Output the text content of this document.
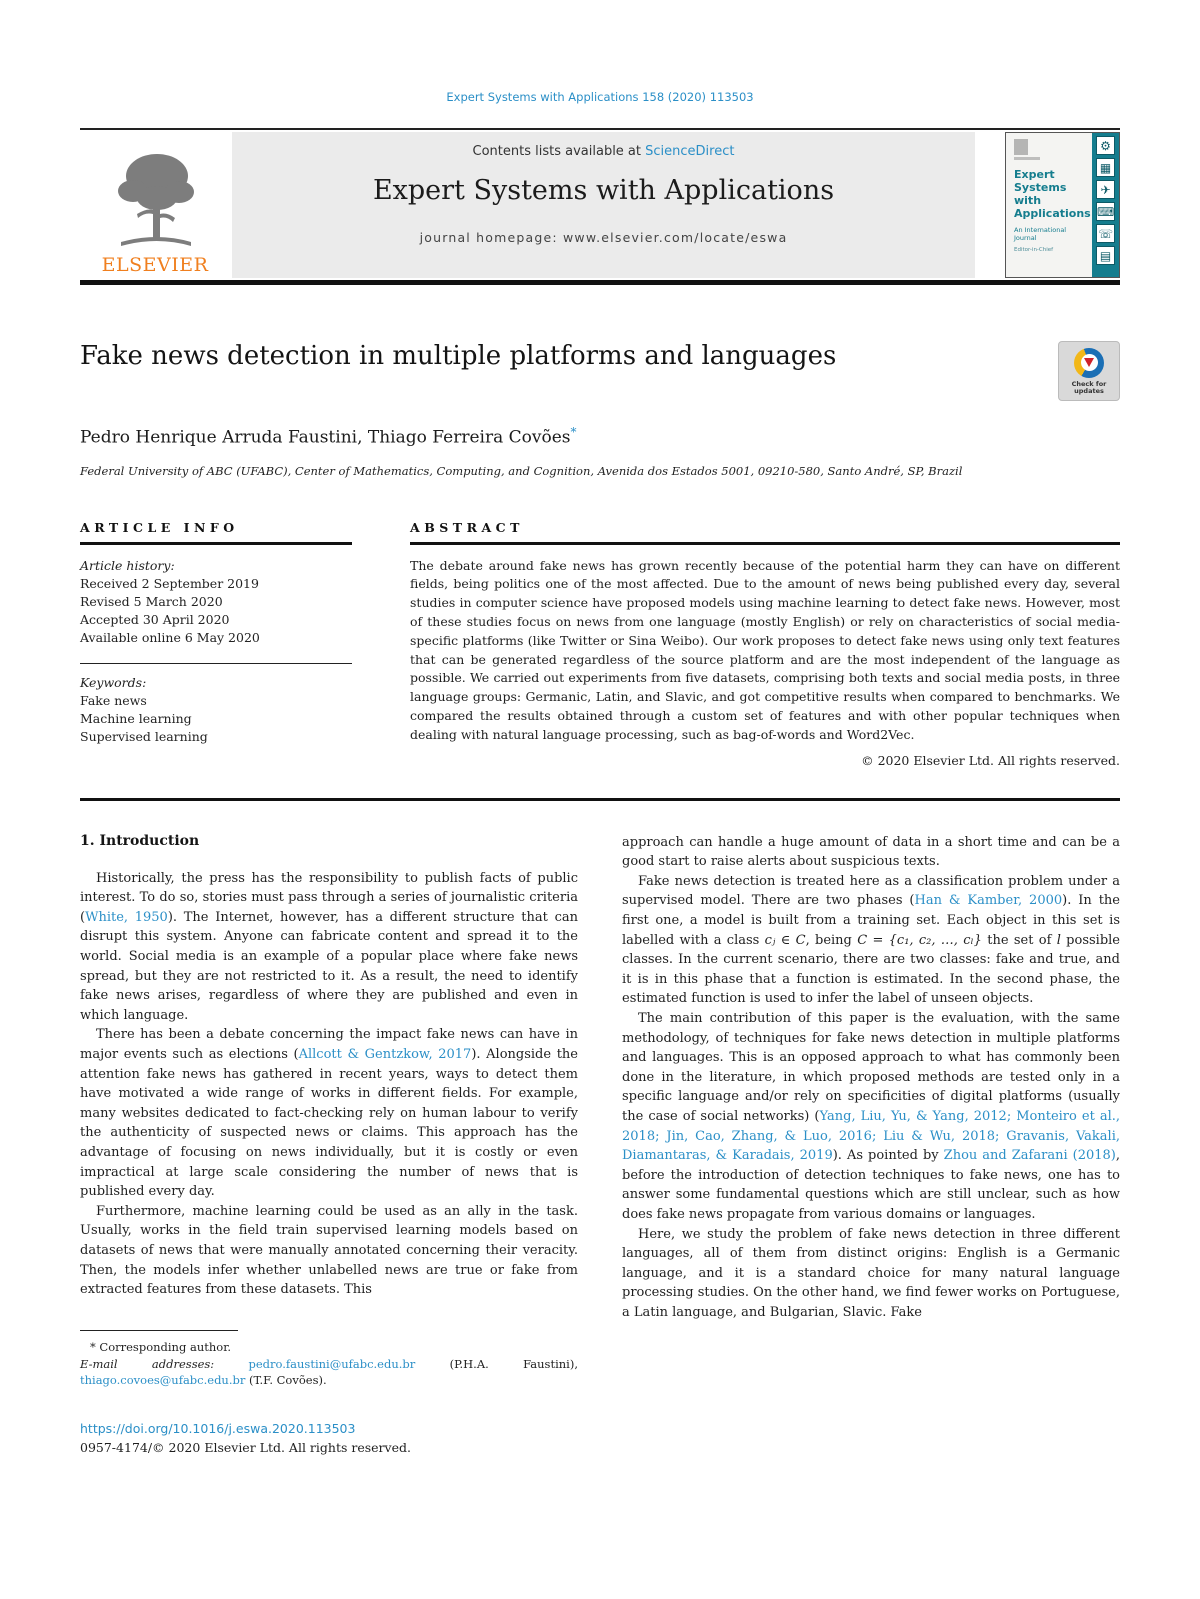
Expert Systems with Applications 158 (2020) 113503
ELSEVIER
Contents lists available at ScienceDirect
Expert Systems with Applications
journal homepage: www.elsevier.com/locate/eswa
Expert Systems with Applications
An International Journal
Editor-in-Chief
⚙
▦
✈
⌨
☏
▤
Fake news detection in multiple platforms and languages
Check for updates
Pedro Henrique Arruda Faustini, Thiago Ferreira Covões*
Federal University of ABC (UFABC), Center of Mathematics, Computing, and Cognition, Avenida dos Estados 5001, 09210-580, Santo André, SP, Brazil
ARTICLE INFO
Article history:
Received 2 September 2019
Revised 5 March 2020
Accepted 30 April 2020
Available online 6 May 2020
Keywords:
Fake news
Machine learning
Supervised learning
ABSTRACT
The debate around fake news has grown recently because of the potential harm they can have on different fields, being politics one of the most affected. Due to the amount of news being published every day, several studies in computer science have proposed models using machine learning to detect fake news. However, most of these studies focus on news from one language (mostly English) or rely on characteristics of social media-specific platforms (like Twitter or Sina Weibo). Our work proposes to detect fake news using only text features that can be generated regardless of the source platform and are the most independent of the language as possible. We carried out experiments from five datasets, comprising both texts and social media posts, in three language groups: Germanic, Latin, and Slavic, and got competitive results when compared to benchmarks. We compared the results obtained through a custom set of features and with other popular techniques when dealing with natural language processing, such as bag-of-words and Word2Vec.
© 2020 Elsevier Ltd. All rights reserved.
1. Introduction

Historically, the press has the responsibility to publish facts of public interest. To do so, stories must pass through a series of journalistic criteria (White, 1950). The Internet, however, has a different structure that can disrupt this system. Anyone can fabricate content and spread it to the world. Social media is an example of a popular place where fake news spread, but they are not restricted to it. As a result, the need to identify fake news arises, regardless of where they are published and even in which language.

There has been a debate concerning the impact fake news can have in major events such as elections (Allcott & Gentzkow, 2017). Alongside the attention fake news has gathered in recent years, ways to detect them have motivated a wide range of works in different fields. For example, many websites dedicated to fact-checking rely on human labour to verify the authenticity of suspected news or claims. This approach has the advantage of focusing on news individually, but it is costly or even impractical at large scale considering the number of news that is published every day.

Furthermore, machine learning could be used as an ally in the task. Usually, works in the field train supervised learning models based on datasets of news that were manually annotated concerning their veracity. Then, the models infer whether unlabelled news are true or fake from extracted features from these datasets. This

* Corresponding author.
E-mail addresses: pedro.faustini@ufabc.edu.br (P.H.A. Faustini), thiago.covoes@ufabc.edu.br (T.F. Covões).
https://doi.org/10.1016/j.eswa.2020.113503
0957-4174/© 2020 Elsevier Ltd. All rights reserved.

approach can handle a huge amount of data in a short time and can be a good start to raise alerts about suspicious texts.

Fake news detection is treated here as a classification problem under a supervised model. There are two phases (Han & Kamber, 2000). In the first one, a model is built from a training set. Each object in this set is labelled with a class cⱼ ∈ C, being C = {c₁, c₂, …, cₗ} the set of l possible classes. In the current scenario, there are two classes: fake and true, and it is in this phase that a function is estimated. In the second phase, the estimated function is used to infer the label of unseen objects.

The main contribution of this paper is the evaluation, with the same methodology, of techniques for fake news detection in multiple platforms and languages. This is an opposed approach to what has commonly been done in the literature, in which proposed methods are tested only in a specific language and/or rely on specificities of digital platforms (usually the case of social networks) (Yang, Liu, Yu, & Yang, 2012; Monteiro et al., 2018; Jin, Cao, Zhang, & Luo, 2016; Liu & Wu, 2018; Gravanis, Vakali, Diamantaras, & Karadais, 2019). As pointed by Zhou and Zafarani (2018), before the introduction of detection techniques to fake news, one has to answer some fundamental questions which are still unclear, such as how does fake news propagate from various domains or languages.

Here, we study the problem of fake news detection in three different languages, all of them from distinct origins: English is a Germanic language, and it is a standard choice for many natural language processing studies. On the other hand, we find fewer works on Portuguese, a Latin language, and Bulgarian, Slavic. Fake
